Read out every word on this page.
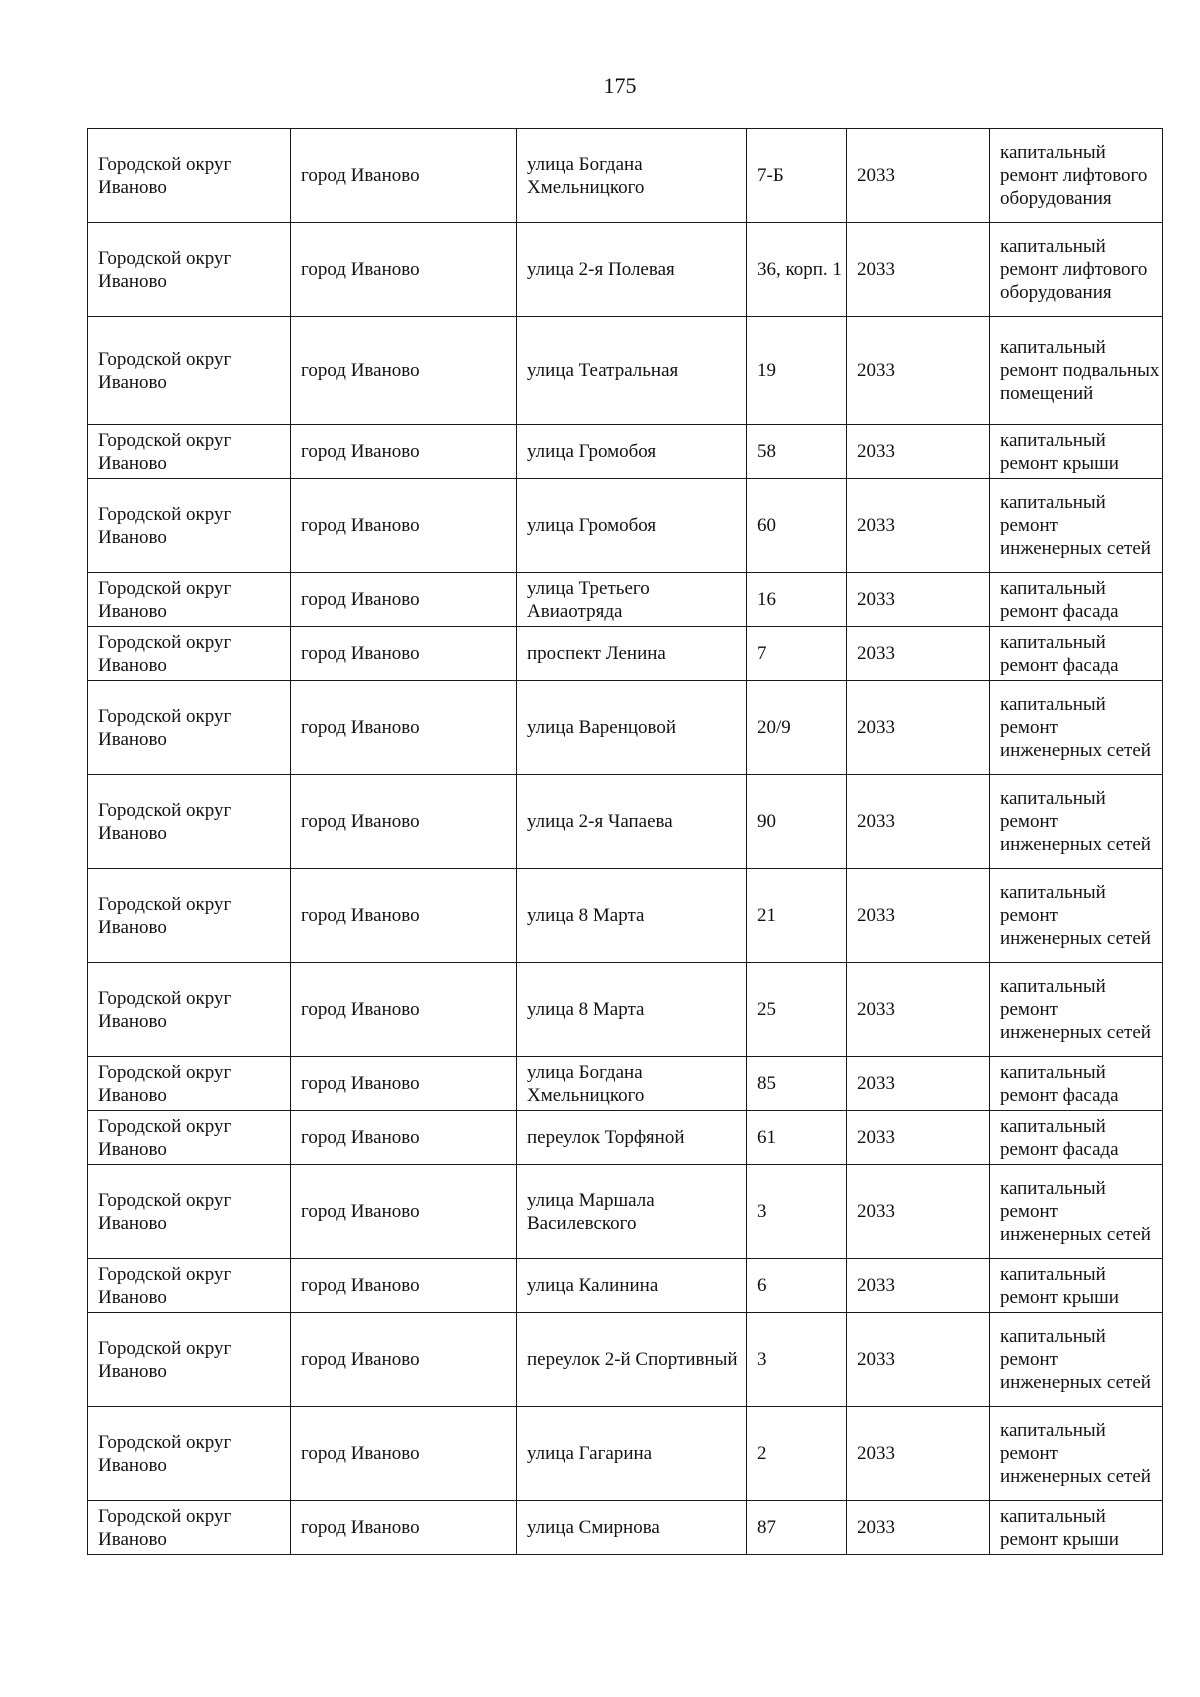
175
Городской округ Иваново	город Иваново	улица Богдана Хмельницкого	7-Б	2033	капитальный ремонт лифтового оборудования
Городской округ Иваново	город Иваново	улица 2-я Полевая	36, корп. 1	2033	капитальный ремонт лифтового оборудования
Городской округ Иваново	город Иваново	улица Театральная	19	2033	капитальный ремонт подвальных помещений
Городской округ Иваново	город Иваново	улица Громобоя	58	2033	капитальный ремонт крыши
Городской округ Иваново	город Иваново	улица Громобоя	60	2033	капитальный ремонт инженерных сетей
Городской округ Иваново	город Иваново	улица Третьего Авиаотряда	16	2033	капитальный ремонт фасада
Городской округ Иваново	город Иваново	проспект Ленина	7	2033	капитальный ремонт фасада
Городской округ Иваново	город Иваново	улица Варенцовой	20/9	2033	капитальный ремонт инженерных сетей
Городской округ Иваново	город Иваново	улица 2-я Чапаева	90	2033	капитальный ремонт инженерных сетей
Городской округ Иваново	город Иваново	улица 8 Марта	21	2033	капитальный ремонт инженерных сетей
Городской округ Иваново	город Иваново	улица 8 Марта	25	2033	капитальный ремонт инженерных сетей
Городской округ Иваново	город Иваново	улица Богдана Хмельницкого	85	2033	капитальный ремонт фасада
Городской округ Иваново	город Иваново	переулок Торфяной	61	2033	капитальный ремонт фасада
Городской округ Иваново	город Иваново	улица Маршала Василевского	3	2033	капитальный ремонт инженерных сетей
Городской округ Иваново	город Иваново	улица Калинина	6	2033	капитальный ремонт крыши
Городской округ Иваново	город Иваново	переулок 2-й Спортивный	3	2033	капитальный ремонт инженерных сетей
Городской округ Иваново	город Иваново	улица Гагарина	2	2033	капитальный ремонт инженерных сетей
Городской округ Иваново	город Иваново	улица Смирнова	87	2033	капитальный ремонт крыши
